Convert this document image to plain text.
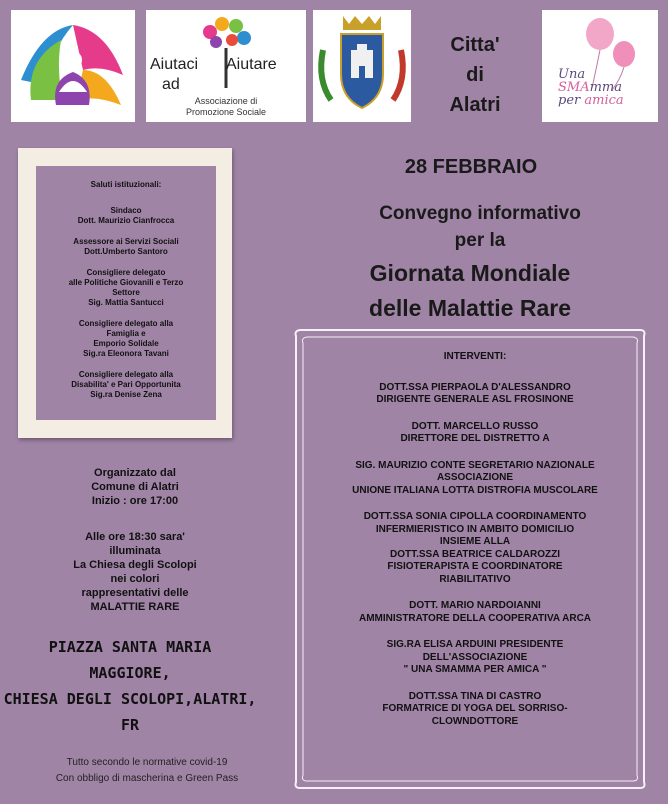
Aiutaci Aiutare
ad
Associazione di
Promozione Sociale
Citta'
di
Alatri
Una
SMAmma
per amica
28 FEBBRAIO
Convegno informativo
per la
Giornata Mondiale
delle Malattie Rare
Saluti istituzionali:
Sindaco
Dott. Maurizio Cianfrocca
Assessore ai Servizi Sociali
Dott.Umberto Santoro
Consigliere delegato
alle Politiche Giovanili e Terzo
Settore
Sig. Mattia Santucci
Consigliere delegato alla
Famiglia e
Emporio Solidale
Sig.ra Eleonora Tavani
Consigliere delegato alla
Disabilita' e Pari Opportunita
Sig.ra Denise Zena
Organizzato dal
Comune di Alatri
Inizio : ore 17:00
Alle ore 18:30 sara'
illuminata
La Chiesa degli Scolopi
nei colori
rappresentativi delle
MALATTIE RARE
PIAZZA SANTA MARIA
MAGGIORE,
CHIESA DEGLI SCOLOPI,ALATRI,
FR
Tutto secondo le normative covid-19
Con obbligo di mascherina e Green Pass
INTERVENTI:
DOTT.SSA PIERPAOLA D'ALESSANDRO
DIRIGENTE GENERALE ASL FROSINONE
DOTT. MARCELLO RUSSO
DIRETTORE DEL DISTRETTO A
SIG. MAURIZIO CONTE SEGRETARIO NAZIONALE
ASSOCIAZIONE
UNIONE ITALIANA LOTTA DISTROFIA MUSCOLARE
DOTT.SSA SONIA CIPOLLA COORDINAMENTO
INFERMIERISTICO IN AMBITO DOMICILIO
INSIEME ALLA
DOTT.SSA BEATRICE CALDAROZZI
FISIOTERAPISTA E COORDINATORE
RIABILITATIVO
DOTT. MARIO NARDOIANNI
AMMINISTRATORE DELLA COOPERATIVA ARCA
SIG.RA ELISA ARDUINI PRESIDENTE
DELL'ASSOCIAZIONE
" UNA SMAMMA PER AMICA "
DOTT.SSA TINA DI CASTRO
FORMATRICE DI YOGA DEL SORRISO-
CLOWNDOTTORE
